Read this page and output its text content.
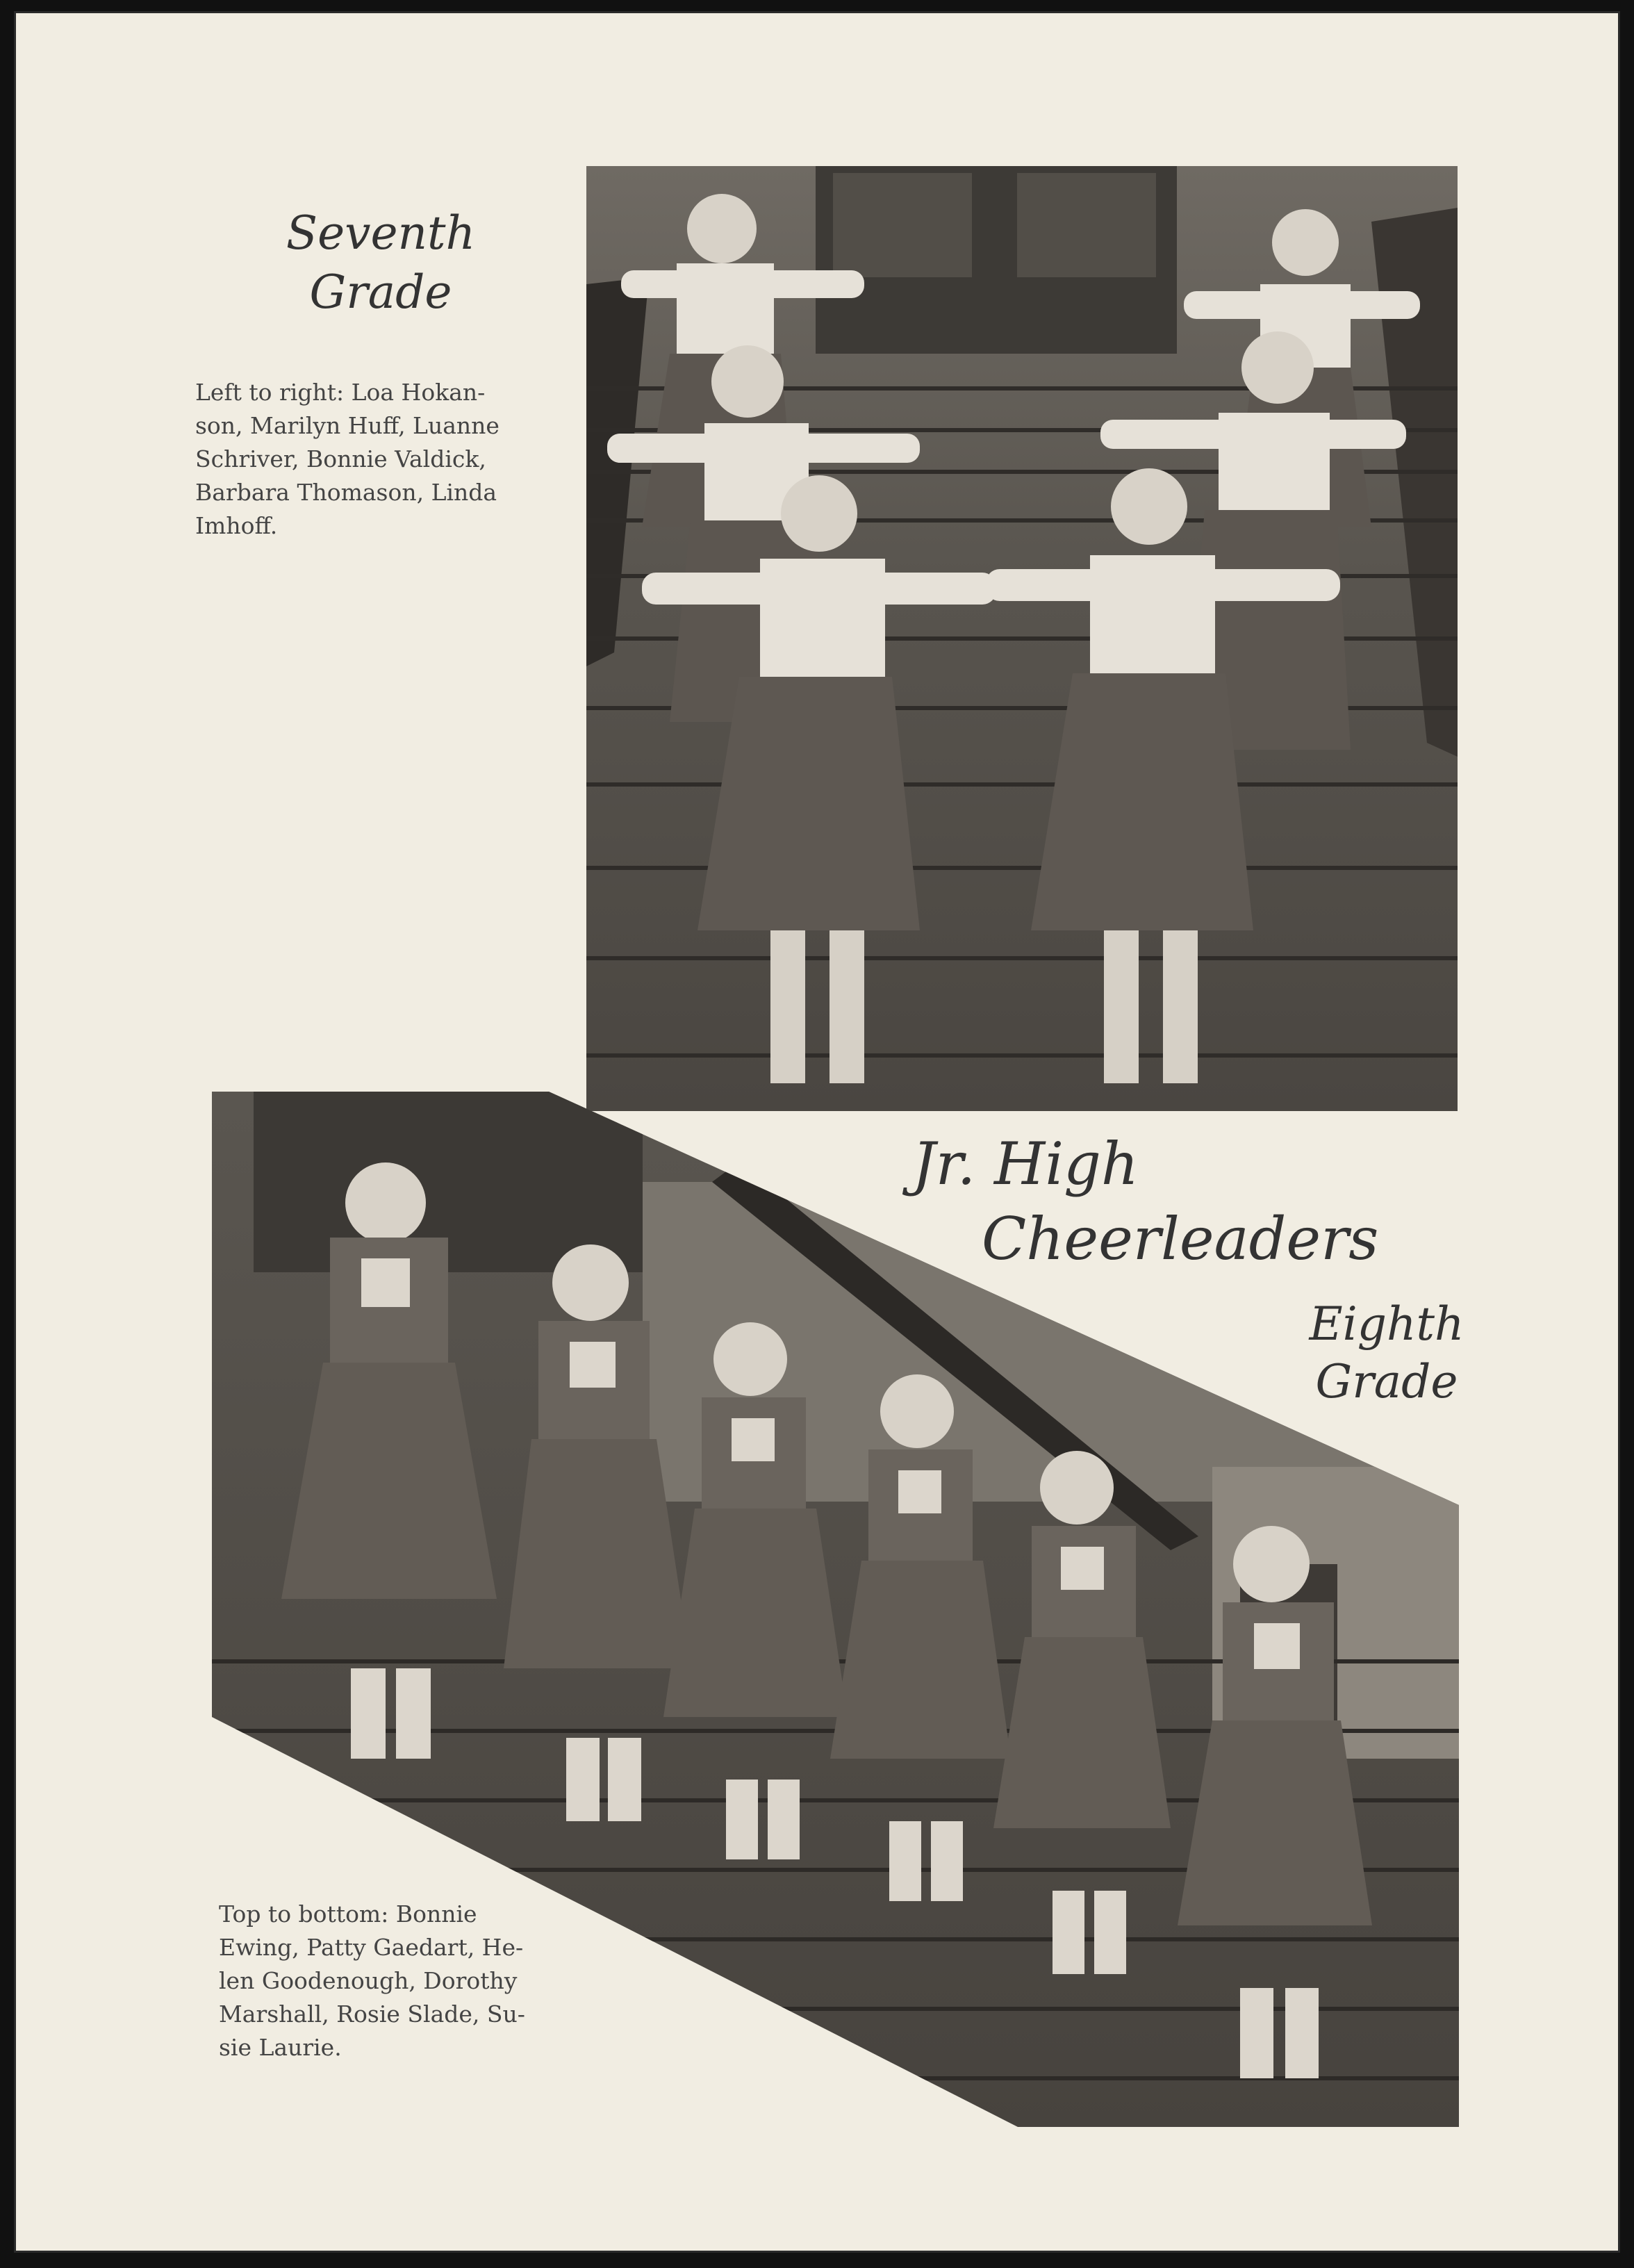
Seventh
Grade
Left to right: Loa Hokan-
son, Marilyn Huff, Luanne
Schriver, Bonnie Valdick,
Barbara Thomason, Linda
Imhoff.
Jr. High
Cheerleaders
Eighth
Grade
Top to bottom: Bonnie
Ewing, Patty Gaedart, He-
len Goodenough, Dorothy
Marshall, Rosie Slade, Su-
sie Laurie.
